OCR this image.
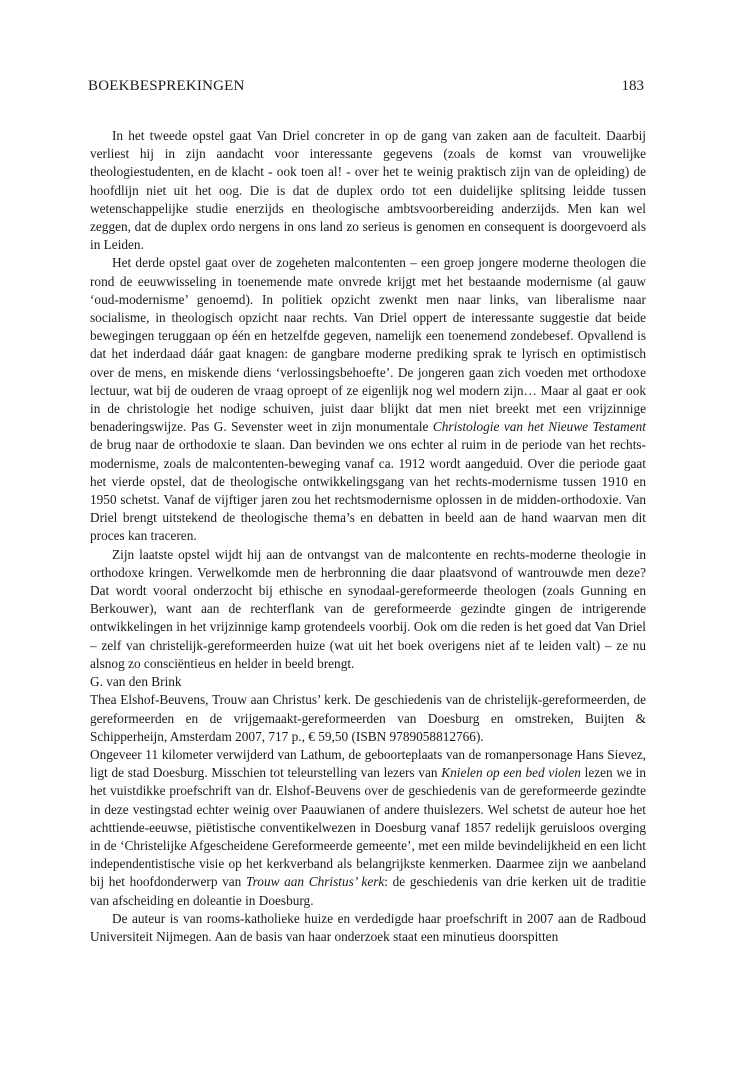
BOEKBESPREKINGEN	183

In het tweede opstel gaat Van Driel concreter in op de gang van zaken aan de faculteit. Daarbij verliest hij in zijn aandacht voor interessante gegevens (zoals de komst van vrouwelijke theologiestudenten, en de klacht - ook toen al! - over het te weinig praktisch zijn van de opleiding) de hoofdlijn niet uit het oog. Die is dat de duplex ordo tot een duidelijke splitsing leidde tussen wetenschappelijke studie enerzijds en theologische ambtsvoorbereiding anderzijds. Men kan wel zeggen, dat de duplex ordo nergens in ons land zo serieus is genomen en consequent is doorgevoerd als in Leiden.

Het derde opstel gaat over de zogeheten malcontenten – een groep jongere moderne theologen die rond de eeuwwisseling in toenemende mate onvrede krijgt met het bestaande modernisme (al gauw ‘oud-modernisme’ genoemd). In politiek opzicht zwenkt men naar links, van liberalisme naar socialisme, in theologisch opzicht naar rechts. Van Driel oppert de interessante suggestie dat beide bewegingen teruggaan op één en hetzelfde gegeven, namelijk een toenemend zondebesef. Opvallend is dat het inderdaad dáár gaat knagen: de gangbare moderne prediking sprak te lyrisch en optimistisch over de mens, en miskende diens ‘verlossingsbehoefte’. De jongeren gaan zich voeden met orthodoxe lectuur, wat bij de ouderen de vraag oproept of ze eigenlijk nog wel modern zijn… Maar al gaat er ook in de christologie het nodige schuiven, juist daar blijkt dat men niet breekt met een vrijzinnige benaderingswijze. Pas G. Sevenster weet in zijn monumentale Christologie van het Nieuwe Testament de brug naar de orthodoxie te slaan. Dan bevinden we ons echter al ruim in de periode van het rechts-modernisme, zoals de malcontenten-beweging vanaf ca. 1912 wordt aangeduid. Over die periode gaat het vierde opstel, dat de theologische ontwikkelingsgang van het rechts-modernisme tussen 1910 en 1950 schetst. Vanaf de vijftiger jaren zou het rechtsmodernisme oplossen in de midden-orthodoxie. Van Driel brengt uitstekend de theologische thema’s en debatten in beeld aan de hand waarvan men dit proces kan traceren.

Zijn laatste opstel wijdt hij aan de ontvangst van de malcontente en rechts-moderne theologie in orthodoxe kringen. Verwelkomde men de herbronning die daar plaatsvond of wantrouwde men deze? Dat wordt vooral onderzocht bij ethische en synodaal-gereformeerde theologen (zoals Gunning en Berkouwer), want aan de rechterflank van de gereformeerde gezindte gingen de intrigerende ontwikkelingen in het vrijzinnige kamp grotendeels voorbij. Ook om die reden is het goed dat Van Driel – zelf van christelijk-gereformeerden huize (wat uit het boek overigens niet af te leiden valt) – ze nu alsnog zo consciëntieus en helder in beeld brengt.

G. van den Brink

Thea Elshof-Beuvens, Trouw aan Christus’ kerk. De geschiedenis van de christelijk-gereformeerden, de gereformeerden en de vrijgemaakt-gereformeerden van Doesburg en omstreken, Buijten & Schipperheijn, Amsterdam 2007, 717 p., € 59,50 (ISBN 9789058812766).

Ongeveer 11 kilometer verwijderd van Lathum, de geboorteplaats van de romanpersonage Hans Sievez, ligt de stad Doesburg. Misschien tot teleurstelling van lezers van Knielen op een bed violen lezen we in het vuistdikke proefschrift van dr. Elshof-Beuvens over de geschiedenis van de gereformeerde gezindte in deze vestingstad echter weinig over Paauwianen of andere thuislezers. Wel schetst de auteur hoe het achttiende-eeuwse, piëtistische conventikelwezen in Doesburg vanaf 1857 redelijk geruisloos overging in de ‘Christelijke Afgescheidene Gereformeerde gemeente’, met een milde bevindelijkheid en een licht independentistische visie op het kerkverband als belangrijkste kenmerken. Daarmee zijn we aanbeland bij het hoofdonderwerp van Trouw aan Christus’ kerk: de geschiedenis van drie kerken uit de traditie van afscheiding en doleantie in Doesburg.

De auteur is van rooms-katholieke huize en verdedigde haar proefschrift in 2007 aan de Radboud Universiteit Nijmegen. Aan de basis van haar onderzoek staat een minutieus doorspitten
